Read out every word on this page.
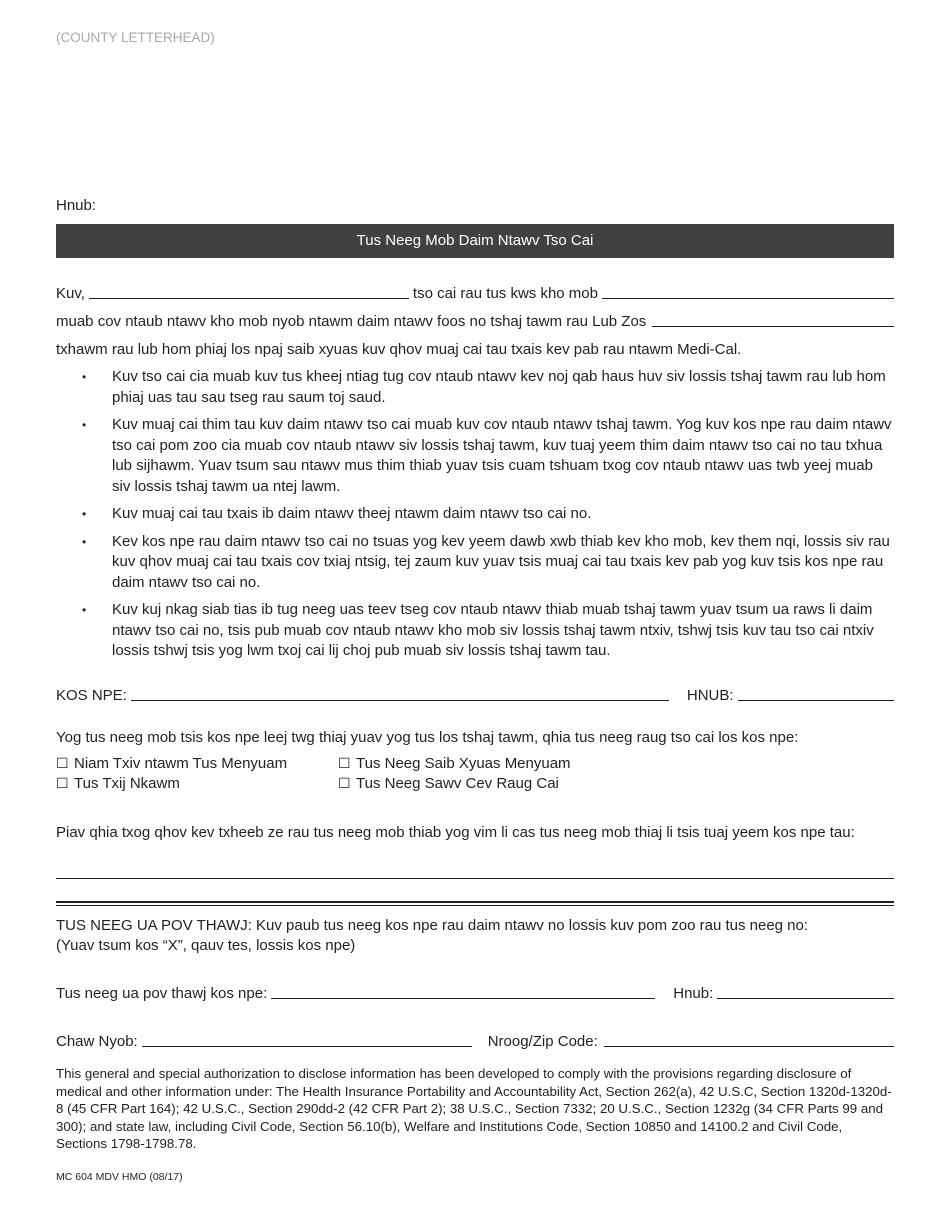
(COUNTY LETTERHEAD)
Hnub:
Tus Neeg Mob Daim Ntawv Tso Cai
Kuv,	tso cai rau tus kws kho mob
muab cov ntaub ntawv kho mob nyob ntawm daim ntawv foos no tshaj tawm rau Lub Zos
txhawm rau lub hom phiaj los npaj saib xyuas kuv qhov muaj cai tau txais kev pab rau ntawm Medi-Cal.
• Kuv tso cai cia muab kuv tus kheej ntiag tug cov ntaub ntawv kev noj qab haus huv siv lossis tshaj tawm rau lub hom phiaj uas tau sau tseg rau saum toj saud.
• Kuv muaj cai thim tau kuv daim ntawv tso cai muab kuv cov ntaub ntawv tshaj tawm. Yog kuv kos npe rau daim ntawv tso cai pom zoo cia muab cov ntaub ntawv siv lossis tshaj tawm, kuv tuaj yeem thim daim ntawv tso cai no tau txhua lub sijhawm. Yuav tsum sau ntawv mus thim thiab yuav tsis cuam tshuam txog cov ntaub ntawv uas twb yeej muab siv lossis tshaj tawm ua ntej lawm.
• Kuv muaj cai tau txais ib daim ntawv theej ntawm daim ntawv tso cai no.
• Kev kos npe rau daim ntawv tso cai no tsuas yog kev yeem dawb xwb thiab kev kho mob, kev them nqi, lossis siv rau kuv qhov muaj cai tau txais cov txiaj ntsig, tej zaum kuv yuav tsis muaj cai tau txais kev pab yog kuv tsis kos npe rau daim ntawv tso cai no.
• Kuv kuj nkag siab tias ib tug neeg uas teev tseg cov ntaub ntawv thiab muab tshaj tawm yuav tsum ua raws li daim ntawv tso cai no, tsis pub muab cov ntaub ntawv kho mob siv lossis tshaj tawm ntxiv, tshwj tsis kuv tau tso cai ntxiv lossis tshwj tsis yog lwm txoj cai lij choj pub muab siv lossis tshaj tawm tau.
KOS NPE:	HNUB:
Yog tus neeg mob tsis kos npe leej twg thiaj yuav yog tus los tshaj tawm, qhia tus neeg raug tso cai los kos npe:
☐ Niam Txiv ntawm Tus Menyuam	☐ Tus Neeg Saib Xyuas Menyuam
☐ Tus Txij Nkawm	☐ Tus Neeg Sawv Cev Raug Cai
Piav qhia txog qhov kev txheeb ze rau tus neeg mob thiab yog vim li cas tus neeg mob thiaj li tsis tuaj yeem kos npe tau:
TUS NEEG UA POV THAWJ: Kuv paub tus neeg kos npe rau daim ntawv no lossis kuv pom zoo rau tus neeg no:
(Yuav tsum kos “X”, qauv tes, lossis kos npe)
Tus neeg ua pov thawj kos npe:	Hnub:
Chaw Nyob:	Nroog/Zip Code:
This general and special authorization to disclose information has been developed to comply with the provisions regarding disclosure of medical and other information under: The Health Insurance Portability and Accountability Act, Section 262(a), 42 U.S.C, Section 1320d-1320d-8 (45 CFR Part 164); 42 U.S.C., Section 290dd-2 (42 CFR Part 2); 38 U.S.C., Section 7332; 20 U.S.C., Section 1232g (34 CFR Parts 99 and 300); and state law, including Civil Code, Section 56.10(b), Welfare and Institutions Code, Section 10850 and 14100.2 and Civil Code, Sections 1798-1798.78.
MC 604 MDV HMO (08/17)
